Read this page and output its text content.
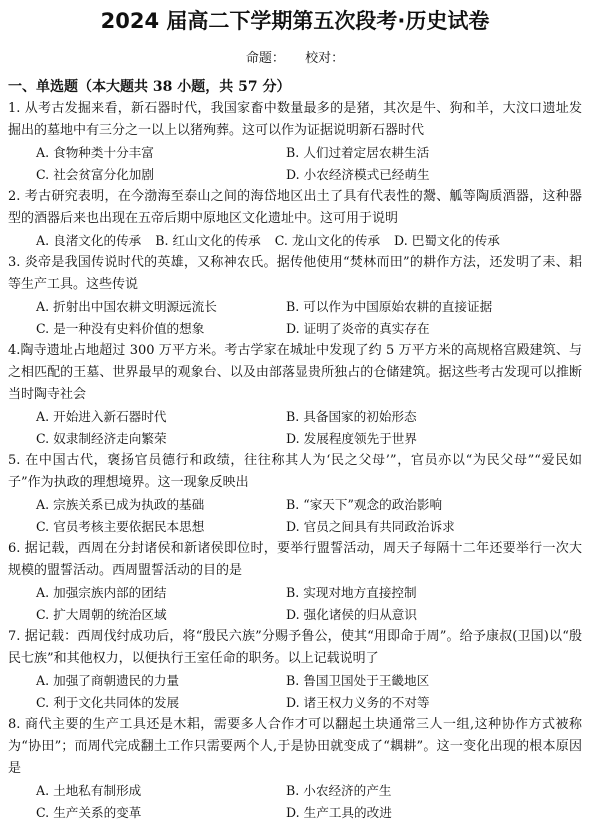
2024 届高二下学期第五次段考·历史试卷
命题： 校对：
一、单选题（本大题共 38 小题，共 57 分）
1. 从考古发掘来看，新石器时代，我国家畜中数量最多的是猪，其次是牛、狗和羊，大汶口遗址发掘出的墓地中有三分之一以上以猪殉葬。这可以作为证据说明新石器时代
A. 食物种类十分丰富	B. 人们过着定居农耕生活
C. 社会贫富分化加剧	D. 小农经济模式已经萌生
2. 考古研究表明，在今渤海至泰山之间的海岱地区出土了具有代表性的鬶、觚等陶质酒器，这种器型的酒器后来也出现在五帝后期中原地区文化遗址中。这可用于说明
A. 良渚文化的传承 B. 红山文化的传承 C. 龙山文化的传承 D. 巴蜀文化的传承
3. 炎帝是我国传说时代的英雄，又称神农氏。据传他使用“焚林而田”的耕作方法，还发明了耒、耜等生产工具。这些传说
A. 折射出中国农耕文明源远流长	B. 可以作为中国原始农耕的直接证据
C. 是一种没有史料价值的想象	D. 证明了炎帝的真实存在
4.陶寺遗址占地超过 300 万平方米。考古学家在城址中发现了约 5 万平方米的高规格宫殿建筑、与之相匹配的王墓、世界最早的观象台、以及由部落显贵所独占的仓储建筑。据这些考古发现可以推断当时陶寺社会
A. 开始进入新石器时代	B. 具备国家的初始形态
C. 奴隶制经济走向繁荣	D. 发展程度领先于世界
5. 在中国古代，褒扬官员德行和政绩，往往称其人为‘民之父母’”，官员亦以“为民父母”“爱民如子”作为执政的理想境界。这一现象反映出
A. 宗族关系已成为执政的基础	B. “家天下”观念的政治影响
C. 官员考核主要依据民本思想	D. 官员之间具有共同政治诉求
6. 据记载，西周在分封诸侯和新诸侯即位时，要举行盟誓活动，周天子每隔十二年还要举行一次大规模的盟誓活动。西周盟誓活动的目的是
A. 加强宗族内部的团结	B. 实现对地方直接控制
C. 扩大周朝的统治区域	D. 强化诸侯的归从意识
7. 据记载：西周伐纣成功后，将“殷民六族”分赐予鲁公，使其“用即命于周”。给予康叔(卫国)以“殷民七族”和其他权力，以便执行王室任命的职务。以上记载说明了
A. 加强了商朝遗民的力量	B. 鲁国卫国处于王畿地区
C. 利于文化共同体的发展	D. 诸王权力义务的不对等
8. 商代主要的生产工具还是木耜，需要多人合作才可以翻起土块通常三人一组,这种协作方式被称为“协田”；而周代完成翻土工作只需要两个人,于是协田就变成了“耦耕”。这一变化出现的根本原因是
A. 土地私有制形成	B. 小农经济的产生
C. 生产关系的变革	D. 生产工具的改进
